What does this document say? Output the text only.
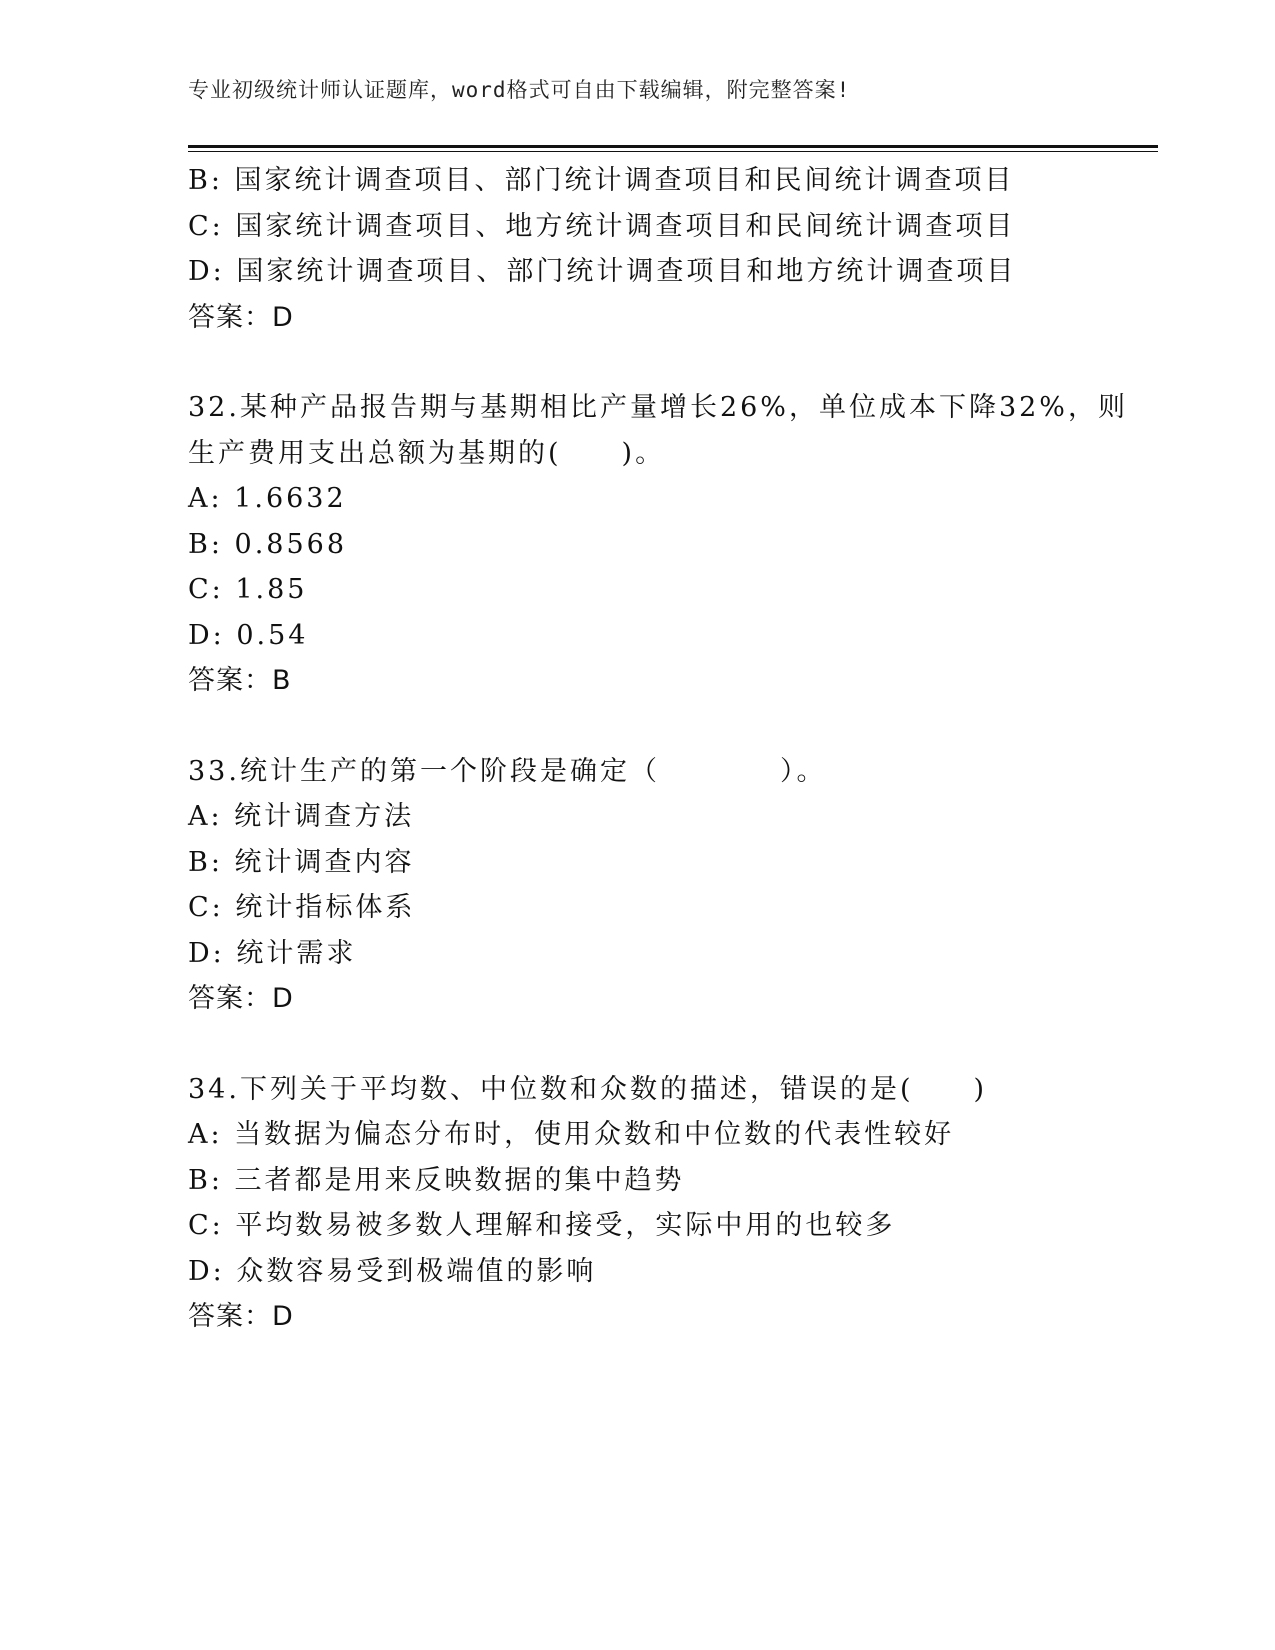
专业初级统计师认证题库，word格式可自由下载编辑，附完整答案!
B: 国家统计调查项目、部门统计调查项目和民间统计调查项目
C: 国家统计调查项目、地方统计调查项目和民间统计调查项目
D: 国家统计调查项目、部门统计调查项目和地方统计调查项目
答案：D
32.某种产品报告期与基期相比产量增长26%，单位成本下降32%，则
生产费用支出总额为基期的(　　)。
A: 1.6632
B: 0.8568
C: 1.85
D: 0.54
答案：B
33.统计生产的第一个阶段是确定（　　　　）。
A: 统计调查方法
B: 统计调查内容
C: 统计指标体系
D: 统计需求
答案：D
34.下列关于平均数、中位数和众数的描述，错误的是(　　)
A: 当数据为偏态分布时，使用众数和中位数的代表性较好
B: 三者都是用来反映数据的集中趋势
C: 平均数易被多数人理解和接受，实际中用的也较多
D: 众数容易受到极端值的影响
答案：D
